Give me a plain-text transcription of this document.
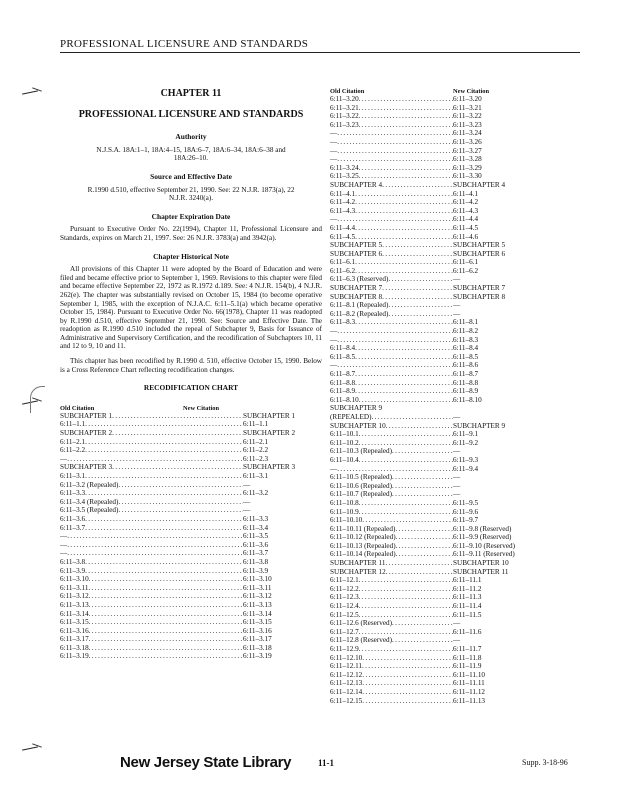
PROFESSIONAL LICENSURE AND STANDARDS
CHAPTER 11
PROFESSIONAL LICENSURE AND STANDARDS
Authority

N.J.S.A. 18A:1–1, 18A:4–15, 18A:6–7, 18A:6–34, 18A:6–38 and 18A:26–10.

Source and Effective Date

R.1990 d.510, effective September 21, 1990. See: 22 N.J.R. 1873(a), 22 N.J.R. 3240(a).

Chapter Expiration Date

Pursuant to Executive Order No. 22(1994), Chapter 11, Professional Licensure and Standards, expires on March 21, 1997. See: 26 N.J.R. 3783(a) and 3942(a).

Chapter Historical Note

All provisions of this Chapter 11 were adopted by the Board of Education and were filed and became effective prior to September 1, 1969. Revisions to this chapter were filed and became effective September 22, 1972 as R.1972 d.189. See: 4 N.J.R. 154(b), 4 N.J.R. 262(e). The chapter was substantially revised on October 15, 1984 (to become operative September 1, 1985, with the exception of N.J.A.C. 6:11–5.1(a) which became operative October 15, 1984). Pursuant to Executive Order No. 66(1978), Chapter 11 was readopted by R.1990 d.510, effective September 21, 1990. See: Source and Effective Date. The readoption as R.1990 d.510 included the repeal of Subchapter 9, Basis for Issuance of Administrative and Supervisory Certification, and the recodification of Subchapters 10, 11 and 12 to 9, 10 and 11.

This chapter has been recodified by R.1990 d. 510, effective October 15, 1990. Below is a Cross Reference Chart reflecting recodification changes.

RECODIFICATION CHART
Old Citation	New Citation
SUBCHAPTER 1 .....	SUBCHAPTER 1
6:11–1.1 .....	6:11–1.1
SUBCHAPTER 2 .....	SUBCHAPTER 2
6:11–2.1 .....	6:11–2.1
6:11–2.2 .....	6:11–2.2
— .....	6:11–2.3
SUBCHAPTER 3 .....	SUBCHAPTER 3
6:11–3.1 .....	6:11–3.1
6:11–3.2 (Repealed) .....	—
6:11–3.3 .....	6:11–3.2
6:11–3.4 (Repealed) .....	—
6:11–3.5 (Repealed) .....	—
6:11–3.6 .....	6:11–3.3
6:11–3.7 .....	6:11–3.4
— .....	6:11–3.5
— .....	6:11–3.6
— .....	6:11–3.7
6:11–3.8 .....	6:11–3.8
6:11–3.9 .....	6:11–3.9
6:11–3.10 .....	6:11–3.10
6:11–3.11 .....	6:11–3.11
6:11–3.12 .....	6:11–3.12
6:11–3.13 .....	6:11–3.13
6:11–3.14 .....	6:11–3.14
6:11–3.15 .....	6:11–3.15
6:11–3.16 .....	6:11–3.16
6:11–3.17 .....	6:11–3.17
6:11–3.18 .....	6:11–3.18
6:11–3.19 .....	6:11–3.19
Old Citation	New Citation
6:11–3.20 .....	6:11–3.20
6:11–3.21 .....	6:11–3.21
6:11–3.22 .....	6:11–3.22
6:11–3.23 .....	6:11–3.23
— .....	6:11–3.24
— .....	6:11–3.26
— .....	6:11–3.27
— .....	6:11–3.28
6:11–3.24 .....	6:11–3.29
6:11–3.25 .....	6:11–3.30
SUBCHAPTER 4 .....	SUBCHAPTER 4
6:11–4.1 .....	6:11–4.1
6:11–4.2 .....	6:11–4.2
6:11–4.3 .....	6:11–4.3
— .....	6:11–4.4
6:11–4.4 .....	6:11–4.5
6:11–4.5 .....	6:11–4.6
SUBCHAPTER 5 .....	SUBCHAPTER 5
SUBCHAPTER 6 .....	SUBCHAPTER 6
6:11–6.1 .....	6:11–6.1
6:11–6.2 .....	6:11–6.2
6:11–6.3 (Reserved) .....	—
SUBCHAPTER 7 .....	SUBCHAPTER 7
SUBCHAPTER 8 .....	SUBCHAPTER 8
6:11–8.1 (Repealed) .....	—
6:11–8.2 (Repealed) .....	—
6:11–8.3 .....	6:11–8.1
— .....	6:11–8.2
— .....	6:11–8.3
6:11–8.4 .....	6:11–8.4
6:11–8.5 .....	6:11–8.5
— .....	6:11–8.6
6:11–8.7 .....	6:11–8.7
6:11–8.8 .....	6:11–8.8
6:11–8.9 .....	6:11–8.9
6:11–8.10 .....	6:11–8.10
SUBCHAPTER 9
(REPEALED) .....	—
SUBCHAPTER 10 .....	SUBCHAPTER 9
6:11–10.1 .....	6:11–9.1
6:11–10.2 .....	6:11–9.2
6:11–10.3 (Repealed) .....	—
6:11–10.4 .....	6:11–9.3
— .....	6:11–9.4
6:11–10.5 (Repealed) .....	—
6:11–10.6 (Repealed) .....	—
6:11–10.7 (Repealed) .....	—
6:11–10.8 .....	6:11–9.5
6:11–10.9 .....	6:11–9.6
6:11–10.10 .....	6:11–9.7
6:11–10.11 (Repealed) .....	6:11–9.8 (Reserved)
6:11–10.12 (Repealed) .....	6:11–9.9 (Reserved)
6:11–10.13 (Repealed) .....	6:11–9.10 (Reserved)
6:11–10.14 (Repealed) .....	6:11–9.11 (Reserved)
SUBCHAPTER 11 .....	SUBCHAPTER 10
SUBCHAPTER 12 .....	SUBCHAPTER 11
6:11–12.1 .....	6:11–11.1
6:11–12.2 .....	6:11–11.2
6:11–12.3 .....	6:11–11.3
6:11–12.4 .....	6:11–11.4
6:11–12.5 .....	6:11–11.5
6:11–12.6 (Reserved) .....	—
6:11–12.7 .....	6:11–11.6
6:11–12.8 (Reserved) .....	—
6:11–12.9 .....	6:11–11.7
6:11–12.10 .....	6:11–11.8
6:11–12.11 .....	6:11–11.9
6:11–12.12 .....	6:11–11.10
6:11–12.13 .....	6:11–11.11
6:11–12.14 .....	6:11–11.12
6:11–12.15 .....	6:11–11.13
New Jersey State Library	11-1	Supp. 3-18-96
